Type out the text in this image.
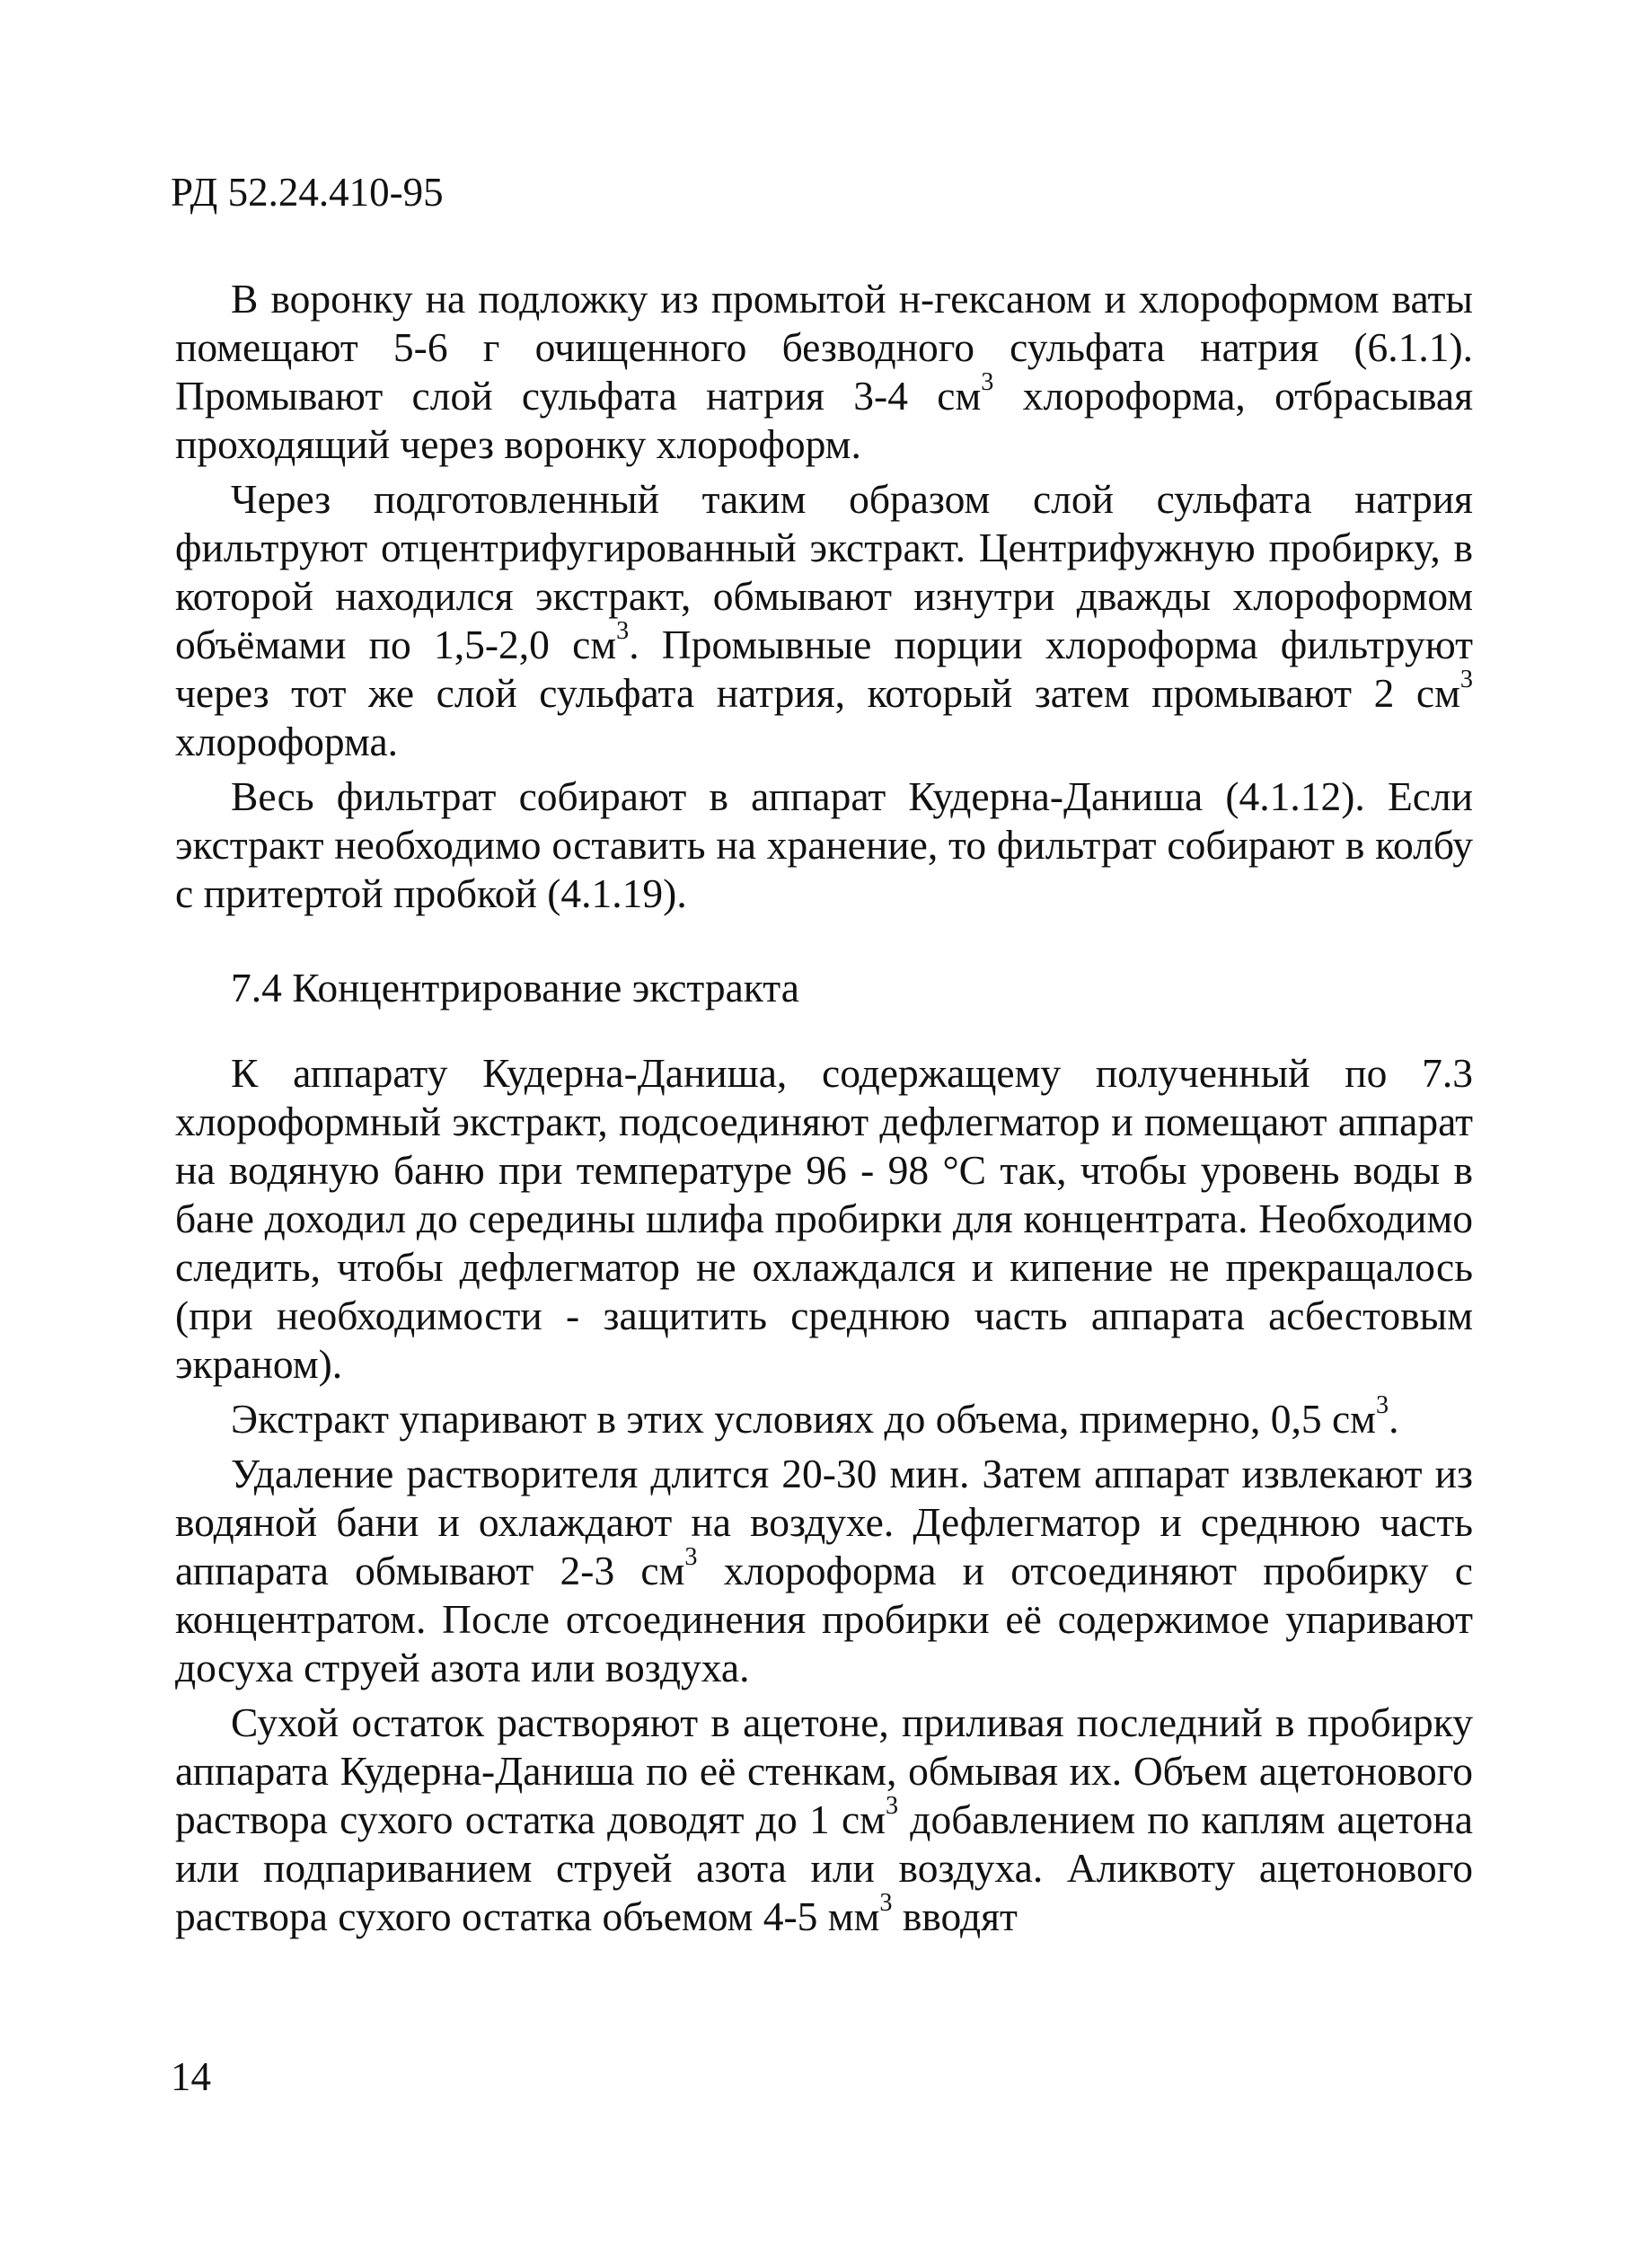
РД 52.24.410-95

В воронку на подложку из промытой н-гексаном и хлороформом ваты помещают 5-6 г очищенного безводного сульфата натрия (6.1.1). Промывают слой сульфата натрия 3-4 $см^3$ хлороформа, отбрасывая проходящий через воронку хлороформ.

Через подготовленный таким образом слой сульфата натрия фильтруют отцентрифугированный экстракт. Центрифужную пробирку, в которой находился экстракт, обмывают изнутри дважды хлороформом объёмами по 1,5-2,0 $см^3$. Промывные порции хлороформа фильтруют через тот же слой сульфата натрия, который затем промывают 2 $см^3$ хлороформа.

Весь фильтрат собирают в аппарат Кудерна-Даниша (4.1.12). Если экстракт необходимо оставить на хранение, то фильтрат собирают в колбу с притертой пробкой (4.1.19).

7.4 Концентрирование экстракта

К аппарату Кудерна-Даниша, содержащему полученный по 7.3 хлороформный экстракт, подсоединяют дефлегматор и помещают аппарат на водяную баню при температуре 96 - 98 °С так, чтобы уровень воды в бане доходил до середины шлифа пробирки для концентрата. Необходимо следить, чтобы дефлегматор не охлаждался и кипение не прекращалось (при необходимости - защитить среднюю часть аппарата асбестовым экраном).

Экстракт упаривают в этих условиях до объема, примерно, 0,5 $см^3$.

Удаление растворителя длится 20-30 мин. Затем аппарат извлекают из водяной бани и охлаждают на воздухе. Дефлегматор и среднюю часть аппарата обмывают 2-3 $см^3$ хлороформа и отсоединяют пробирку с концентратом. После отсоединения пробирки её содержимое упаривают досуха струей азота или воздуха.

Сухой остаток растворяют в ацетоне, приливая последний в пробирку аппарата Кудерна-Даниша по её стенкам, обмывая их. Объем ацетонового раствора сухого остатка доводят до 1 $см^3$ добавлением по каплям ацетона или подпариванием струей азота или воздуха. Аликвоту ацетонового раствора сухого остатка объемом 4-5 $мм^3$ вводят

14
